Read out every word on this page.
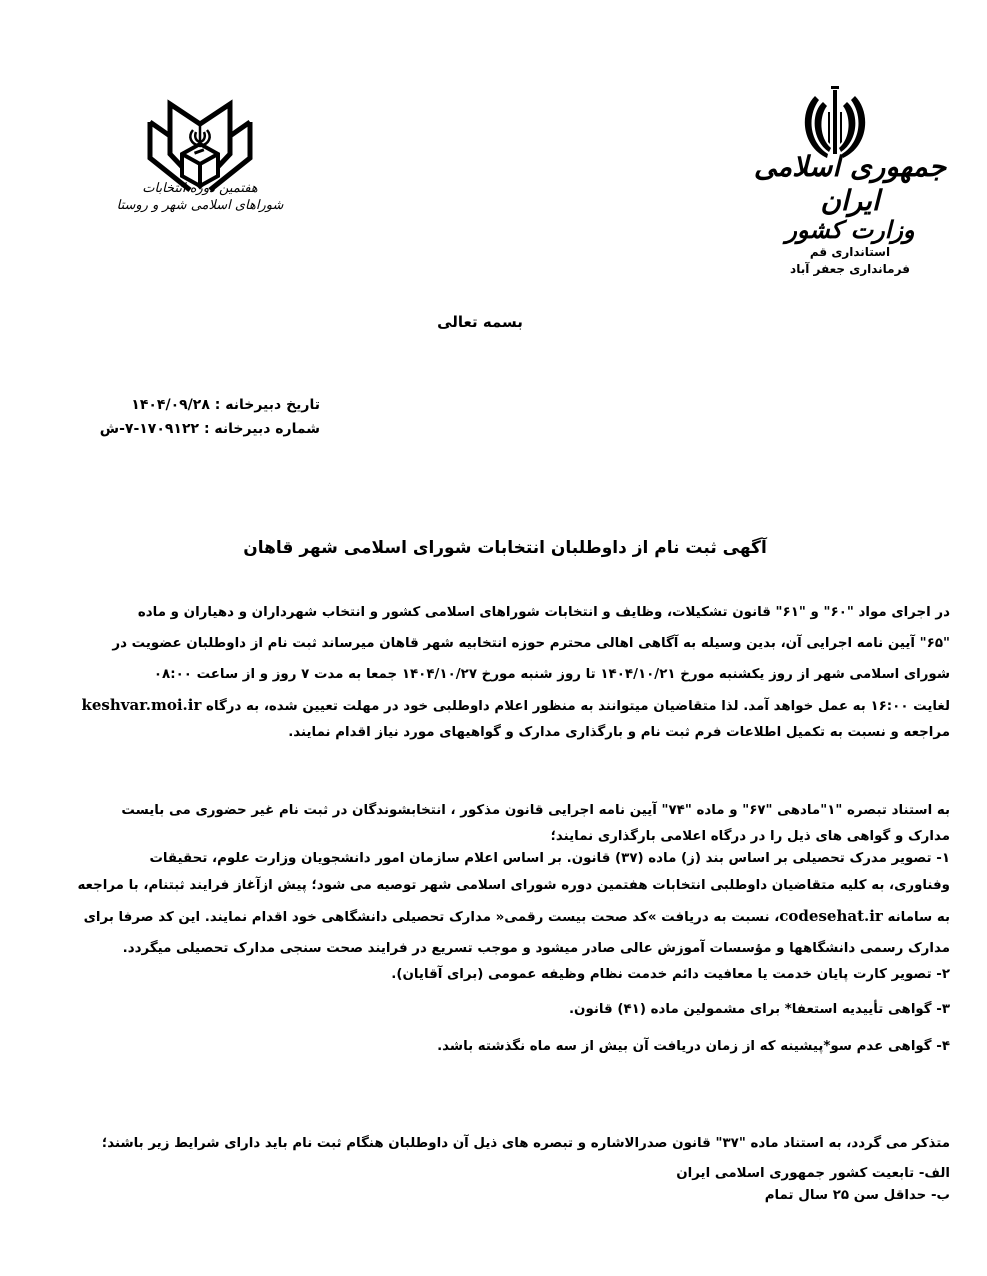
هفتمین دوره انتخابات
شوراهای اسلامی شهر و روستا
جمهوری اسلامی ایران
وزارت کشور
استانداری قم
فرمانداری جعفر آباد
بسمه تعالی
تاریخ دبیرخانه : ۱۴۰۴/۰۹/۲۸
شماره دبیرخانه : ۱۷۰۹۱۲۲-۷-ش
آگهی ثبت نام از داوطلبان انتخابات شورای اسلامی شهر قاهان
در اجرای مواد "۶۰" و "۶۱" قانون تشکیلات، وظایف و انتخابات شوراهای اسلامی کشور و انتخاب شهرداران و دهیاران و ماده
"۶۵" آیین نامه اجرایی آن، بدین وسیله به آگاهی اهالی محترم حوزه انتخابیه شهر قاهان میرساند ثبت نام از داوطلبان عضویت در
شورای اسلامی شهر از روز یکشنبه مورخ ۱۴۰۴/۱۰/۲۱ تا روز شنبه مورخ ۱۴۰۴/۱۰/۲۷ جمعا به مدت ۷ روز و از ساعت ۰۸:۰۰
لغایت ۱۶:۰۰ به عمل خواهد آمد. لذا متقاضیان میتوانند به منظور اعلام داوطلبی خود در مهلت تعیین شده، به درگاه keshvar.moi.ir
مراجعه و نسبت به تکمیل اطلاعات فرم ثبت نام و بارگذاری مدارک و گواهیهای مورد نیاز اقدام نمایند.
به استناد تبصره "۱"مادهی "۶۷" و ماده "۷۴" آیین نامه اجرایی قانون مذکور ، انتخابشوندگان در ثبت نام غیر حضوری می بایست
مدارک و گواهی های ذیل را در درگاه اعلامی بارگذاری نمایند؛
۱- تصویر مدرک تحصیلی بر اساس بند (ز) ماده (۳۷) قانون. بر اساس اعلام سازمان امور دانشجویان وزارت علوم، تحقیقات
وفناوری، به کلیه متقاضیان داوطلبی انتخابات هفتمین دوره شورای اسلامی شهر توصیه می شود؛ پیش ازآغاز فرایند ثبتنام، با مراجعه
به سامانه codesehat.ir، نسبت به دریافت »کد صحت بیست رقمی« مدارک تحصیلی دانشگاهی خود اقدام نمایند. این کد صرفا برای
مدارک رسمی دانشگاهها و مؤسسات آموزش عالی صادر میشود و موجب تسریع در فرایند صحت سنجی مدارک تحصیلی میگردد.
۲- تصویر کارت پایان خدمت یا معافیت دائم خدمت نظام وظیفه عمومی (برای آقایان).
۳- گواهی تأییدیه استعفا* برای مشمولین ماده (۴۱) قانون.
۴- گواهی عدم سو*پیشینه که از زمان دریافت آن بیش از سه ماه نگذشته باشد.
متذکر می گردد، به استناد ماده "۳۷" قانون صدرالاشاره و تبصره های ذیل آن داوطلبان هنگام ثبت نام باید دارای شرایط زیر باشند؛
الف- تابعیت کشور جمهوری اسلامی ایران
ب- حداقل سن ۲۵ سال تمام
